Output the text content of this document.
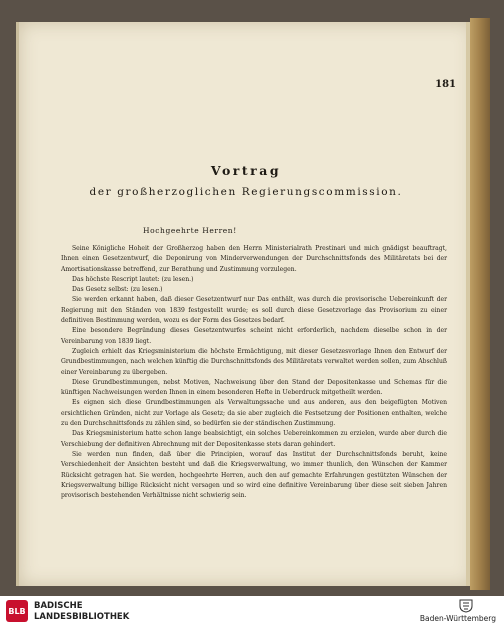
181
Vortrag
der großherzoglichen Regierungscommission.
Hochgeehrte Herren!

Seine Königliche Hoheit der Großherzog haben den Herrn Ministerialrath Prestinari und mich gnädigst beauftragt, Ihnen einen Gesetzentwurf, die Deponirung von Minderverwendungen der Durchschnittsfonds des Militäretats bei der Amortisationskasse betreffend, zur Berathung und Zustimmung vorzulegen.

Das höchste Rescript lautet: (zu lesen.)

Das Gesetz selbst: (zu lesen.)

Sie werden erkannt haben, daß dieser Gesetzentwurf nur Das enthält, was durch die provisorische Uebereinkunft der Regierung mit den Ständen von 1839 festgestellt wurde; es soll durch diese Gesetzvorlage das Provisorium zu einer definitiven Bestimmung werden, wozu es der Form des Gesetzes bedarf.

Eine besondere Begründung dieses Gesetzentwurfes scheint nicht erforderlich, nachdem dieselbe schon in der Vereinbarung von 1839 liegt.

Zugleich erhielt das Kriegsministerium die höchste Ermächtigung, mit dieser Gesetzesvorlage Ihnen den Entwurf der Grundbestimmungen, nach welchen künftig die Durchschnittsfonds des Militäretats verwaltet werden sollen, zum Abschluß einer Vereinbarung zu übergeben.

Diese Grundbestimmungen, nebst Motiven, Nachweisung über den Stand der Depositenkasse und Schemas für die künftigen Nachweisungen werden Ihnen in einem besonderen Hefte in Ueberdruck mitgetheilt werden.

Es eignen sich diese Grundbestimmungen als Verwaltungssache und aus anderen, aus den beigefügten Motiven ersichtlichen Gründen, nicht zur Vorlage als Gesetz; da sie aber zugleich die Festsetzung der Positionen enthalten, welche zu den Durchschnittsfonds zu zählen sind, so bedürfen sie der ständischen Zustimmung.

Das Kriegsministerium hatte schon lange beabsichtigt, ein solches Uebereinkommen zu erzielen, wurde aber durch die Verschiebung der definitiven Abrechnung mit der Depositenkasse stets daran gehindert.

Sie werden nun finden, daß über die Principien, worauf das Institut der Durchschnittsfonds beruht, keine Verschiedenheit der Ansichten besteht und daß die Kriegsverwaltung, wo immer thunlich, den Wünschen der Kammer Rücksicht getragen hat. Sie werden, hochgeehrte Herren, auch den auf gemachte Erfahrungen gestützten Wünschen der Kriegsverwaltung billige Rücksicht nicht versagen und so wird eine definitive Vereinbarung über diese seit sieben Jahren provisorisch bestehenden Verhältnisse nicht schwierig sein.

BLB BADISCHE
LANDESBIBLIOTHEK	Baden-Württemberg
